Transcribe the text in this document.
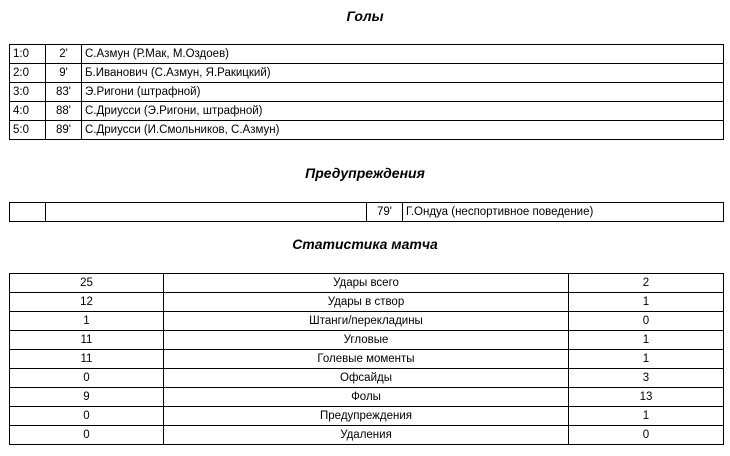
Голы
1:0	2'	С.Азмун (Р.Мак, М.Оздоев)
2:0	9'	Б.Иванович (С.Азмун, Я.Ракицкий)
3:0	83'	Э.Ригони (штрафной)
4:0	88'	С.Дриусси (Э.Ригони, штрафной)
5:0	89'	С.Дриусси (И.Смольников, С.Азмун)
Предупреждения
		79'	Г.Ондуа (неспортивное поведение)
Статистика матча
25	Удары всего	2
12	Удары в створ	1
1	Штанги/перекладины	0
11	Угловые	1
11	Голевые моменты	1
0	Офсайды	3
9	Фолы	13
0	Предупреждения	1
0	Удаления	0
